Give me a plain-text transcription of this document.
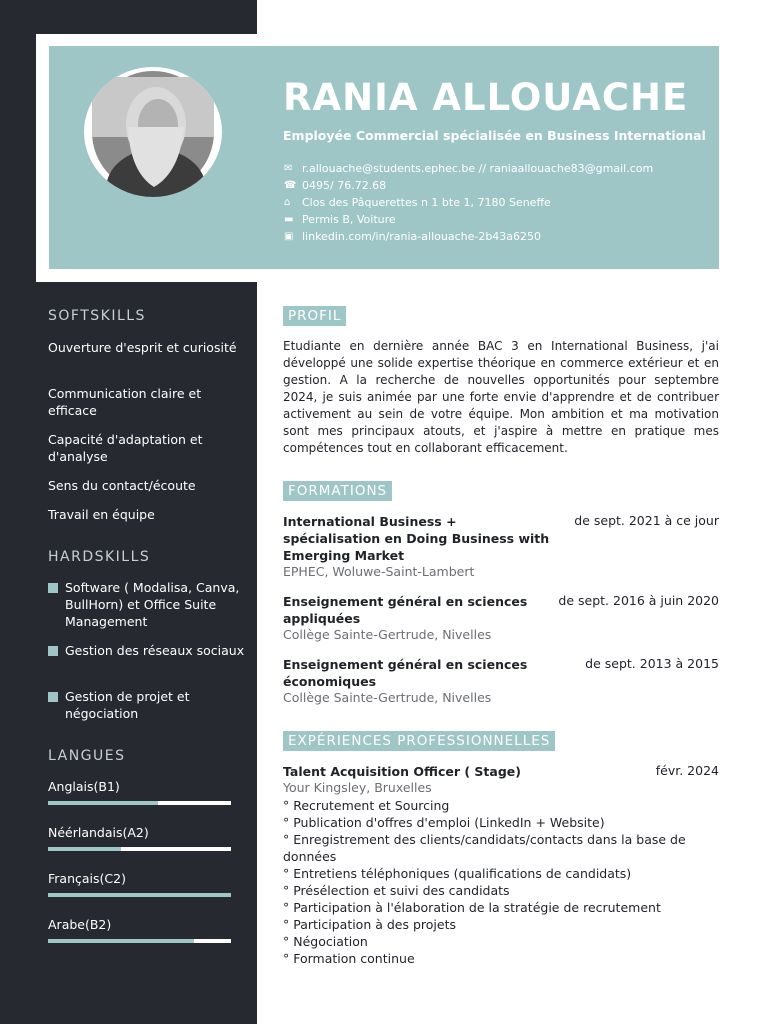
RANIA ALLOUACHE
Employée Commercial spécialisée en Business International
✉ r.allouache@students.ephec.be // raniaallouache83@gmail.com
☎ 0495/ 76.72.68
⌂	Clos des Pâquerettes n 1 bte 1, 7180 Seneffe
▬ Permis B, Voiture
▣ linkedin.com/in/rania-allouache-2b43a6250
SOFTSKILLS
Ouverture d'esprit et curiosité
Communication claire et efficace
Capacité d'adaptation et d'analyse
Sens du contact/écoute
Travail en équipe
HARDSKILLS
Software ( Modalisa, Canva, BullHorn) et Office Suite Management
Gestion des réseaux sociaux
Gestion de projet et négociation
LANGUES
Anglais(B1)
Néérlandais(A2)
Français(C2)
Arabe(B2)
PROFIL
Etudiante en dernière année BAC 3 en International Business, j'ai développé une solide expertise théorique en commerce extérieur et en gestion. A la recherche de nouvelles opportunités pour septembre 2024, je suis animée par une forte envie d'apprendre et de contribuer activement au sein de votre équipe. Mon ambition et ma motivation sont mes principaux atouts, et j'aspire à mettre en pratique mes compétences tout en collaborant efficacement.
FORMATIONS
International Business + spécialisation en Doing Business with Emerging Market
de sept. 2021 à ce jour
EPHEC, Woluwe-Saint-Lambert
Enseignement général en sciences appliquées
de sept. 2016 à juin 2020
Collège Sainte-Gertrude, Nivelles
Enseignement général en sciences économiques
de sept. 2013 à 2015
Collège Sainte-Gertrude, Nivelles
EXPÉRIENCES PROFESSIONNELLES
Talent Acquisition Officer ( Stage)	févr. 2024
Your Kingsley, Bruxelles
° Recrutement et Sourcing
° Publication d'offres d'emploi (LinkedIn + Website)
° Enregistrement des clients/candidats/contacts dans la base de données
° Entretiens téléphoniques (qualifications de candidats)
° Présélection et suivi des candidats
° Participation à l'élaboration de la stratégie de recrutement
° Participation à des projets
° Négociation
° Formation continue
